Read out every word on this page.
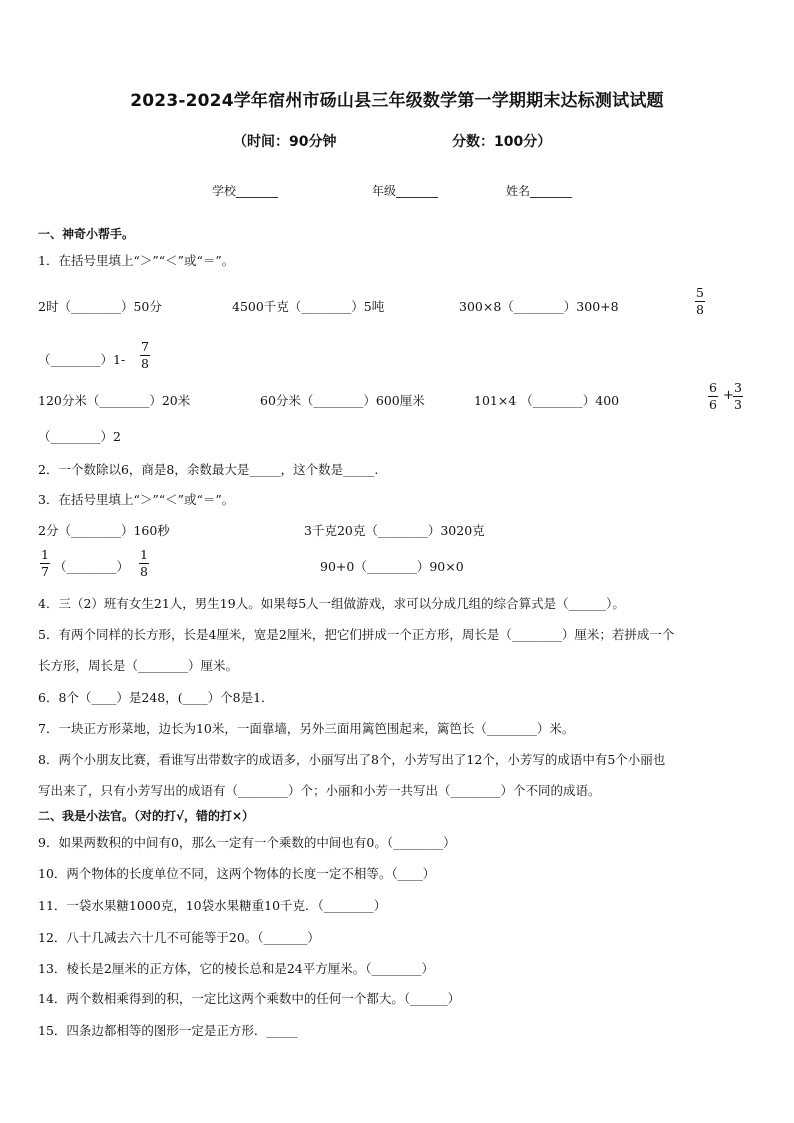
2023-2024学年宿州市砀山县三年级数学第一学期期末达标测试试题
（时间：90分钟	分数：100分）
学校_______	年级_______	姓名_______
一、神奇小帮手。
1．在括号里填上“＞”“＜”或“＝”。
2时（________）50分	4500千克（________）5吨	300×8（________）300+8
5
8
（________）1-
7
8
120分米（________）20米	60分米（________）600厘米	101×4 （________）400
6
6
+
3
3
（________）2
2．一个数除以6，商是8，余数最大是_____，这个数是_____.
3．在括号里填上“＞”“＜”或“＝”。
2分（________）160秒	3千克20克（________）3020克
1
7 （________）
1
8	90+0（________）90×0
4．三（2）班有女生21人，男生19人。如果每5人一组做游戏，求可以分成几组的综合算式是（______）。
5．有两个同样的长方形，长是4厘米，宽是2厘米，把它们拼成一个正方形，周长是（________）厘米；若拼成一个
长方形，周长是（________）厘米。
6．8个（____）是248，(____）个8是1．
7．一块正方形菜地，边长为10米，一面靠墙，另外三面用篱笆围起来，篱笆长（________）米。
8．两个小朋友比赛，看谁写出带数字的成语多，小丽写出了8个，小芳写出了12个，小芳写的成语中有5个小丽也
写出来了，只有小芳写出的成语有（________）个；小丽和小芳一共写出（________）个不同的成语。
二、我是小法官。（对的打√，错的打×）
9．如果两数积的中间有0，那么一定有一个乘数的中间也有0。（________）
10．两个物体的长度单位不同，这两个物体的长度一定不相等。（____）
11．一袋水果糖1000克，10袋水果糖重10千克．（________）
12．八十几减去六十几不可能等于20。（_______）
13．棱长是2厘米的正方体，它的棱长总和是24平方厘米。（________）
14．两个数相乘得到的积，一定比这两个乘数中的任何一个都大。（______）
15．四条边都相等的图形一定是正方形．_____
